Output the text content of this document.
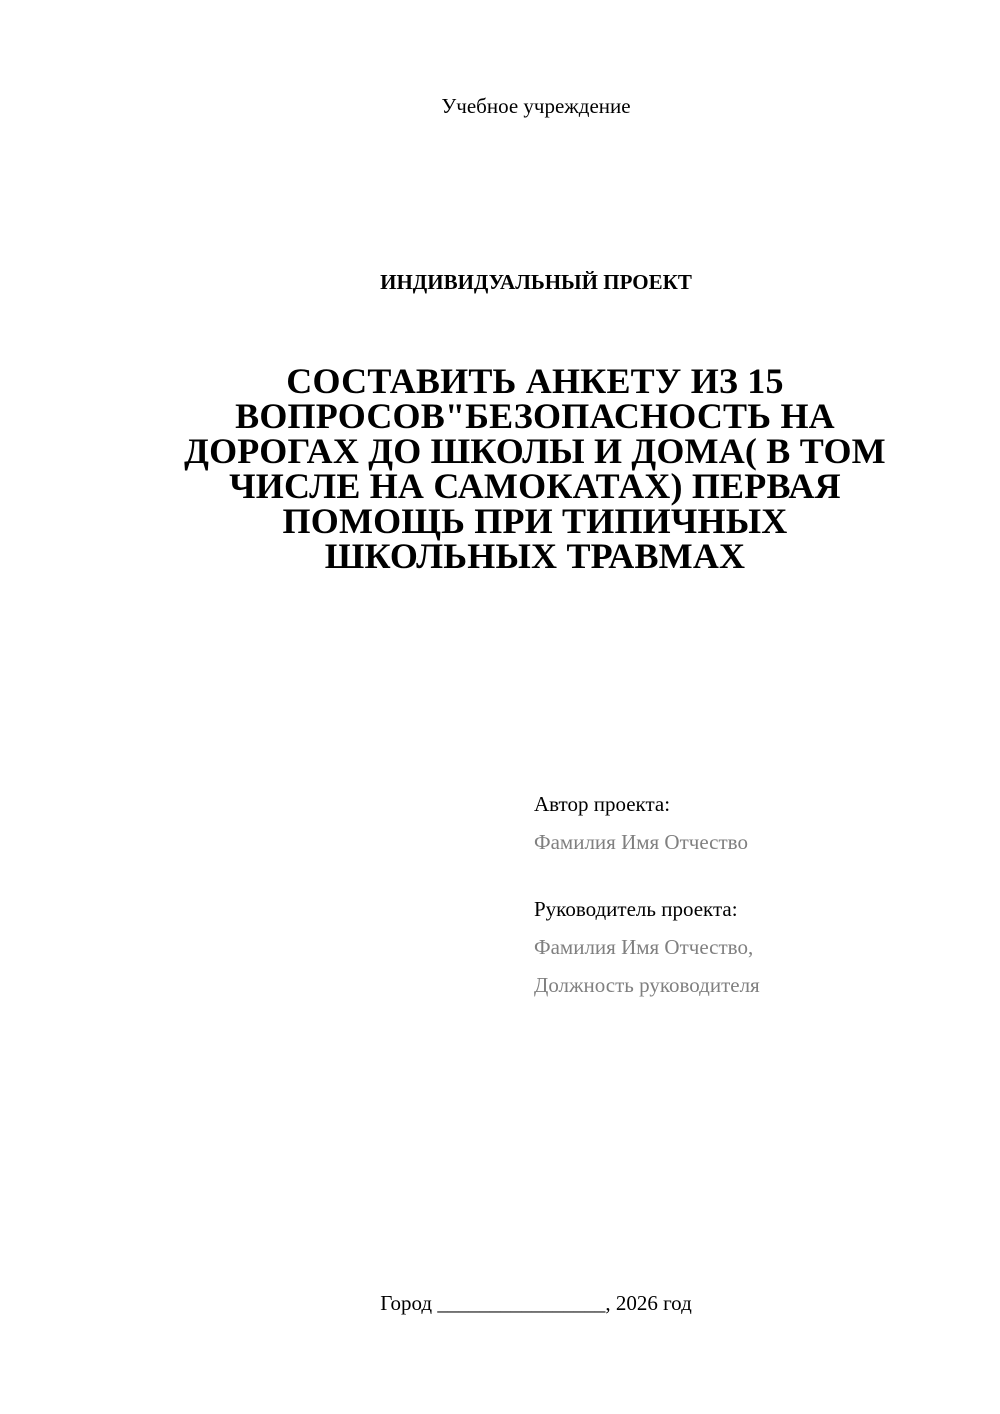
Учебное учреждение
ИНДИВИДУАЛЬНЫЙ ПРОЕКТ
СОСТАВИТЬ АНКЕТУ ИЗ 15
ВОПРОСОВ"БЕЗОПАСНОСТЬ НА
ДОРОГАХ ДО ШКОЛЫ И ДОМА( В ТОМ
ЧИСЛЕ НА САМОКАТАХ) ПЕРВАЯ
ПОМОЩЬ ПРИ ТИПИЧНЫХ
ШКОЛЬНЫХ ТРАВМАХ
Автор проекта:
Фамилия Имя Отчество
Руководитель проекта:
Фамилия Имя Отчество,
Должность руководителя
Город ________________, 2026 год
